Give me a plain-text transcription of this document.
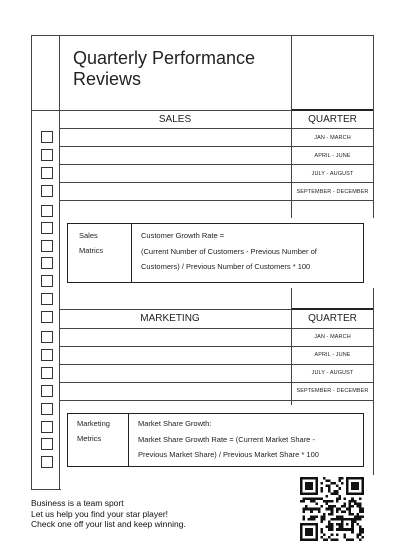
Quarterly Performance Reviews
SALES	QUARTER
JAN - MARCH
APRIL - JUNE
JULY - AUGUST
SEPTEMBER - DECEMBER
Sales
Matrics
Customer Growth Rate =
(Current Number of Customers - Previous Number of
Customers) / Previous Number of Customers * 100
MARKETING	QUARTER
JAN - MARCH
APRIL - JUNE
JULY - AUGUST
SEPTEMBER - DECEMBER
Marketing
Metrics
Market Share Growth:
Market Share Growth Rate = (Current Market Share -
Previous Market Share) / Previous Market Share * 100
Business is a team sport
Let us help you find your star player!
Check one off your list and keep winning.
